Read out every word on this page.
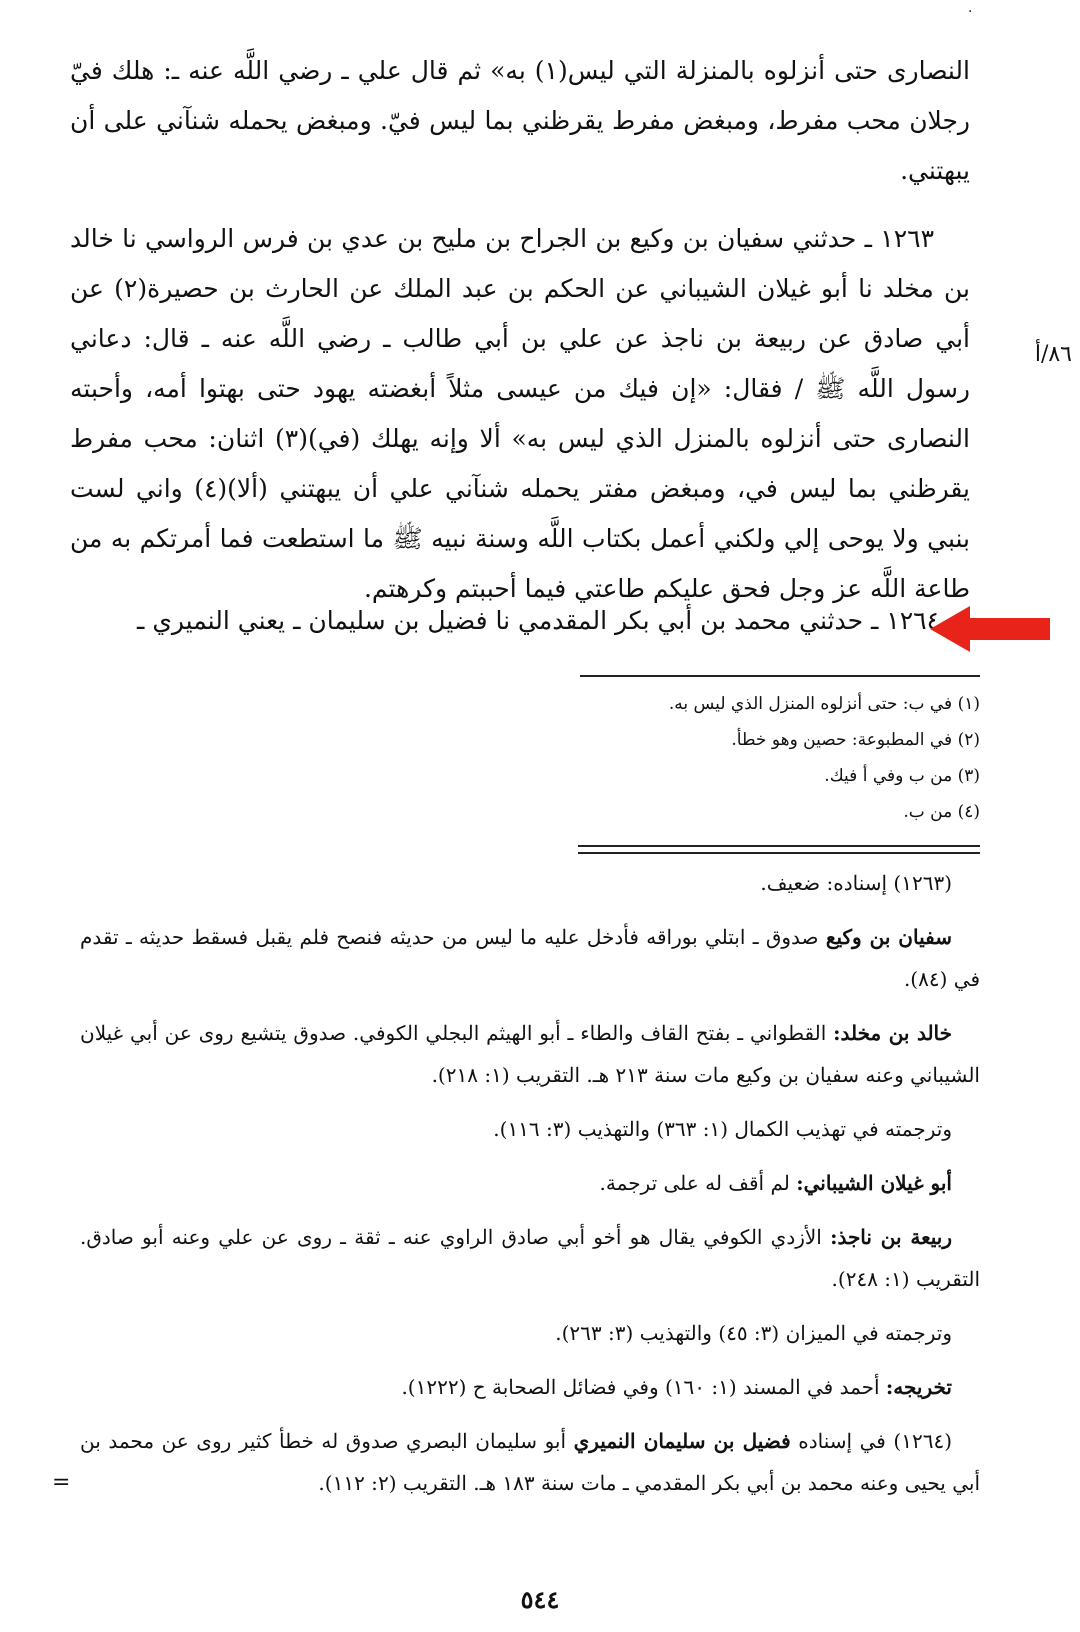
·

النصارى حتى أنزلوه بالمنزلة التي ليس(١) به» ثم قال علي ـ رضي اللَّه عنه ـ: هلك فيّ رجلان محب مفرط، ومبغض مفرط يقرظني بما ليس فيّ. ومبغض يحمله شنآني على أن يبهتني.

١٢٦٣ ـ حدثني سفيان بن وكيع بن الجراح بن مليح بن عدي بن فرس الرواسي نا خالد بن مخلد نا أبو غيلان الشيباني عن الحكم بن عبد الملك عن الحارث بن حصيرة(٢) عن أبي صادق عن ربيعة بن ناجذ عن علي بن أبي طالب ـ رضي اللَّه عنه ـ قال: دعاني رسول اللَّه ﷺ / فقال: «إن فيك من عيسى مثلاً أبغضته يهود حتى بهتوا أمه، وأحبته النصارى حتى أنزلوه بالمنزل الذي ليس به» ألا وإنه يهلك (في)(٣) اثنان: محب مفرط يقرظني بما ليس في، ومبغض مفتر يحمله شنآني علي أن يبهتني (ألا)(٤) واني لست بنبي ولا يوحى إلي ولكني أعمل بكتاب اللَّه وسنة نبيه ﷺ ما استطعت فما أمرتكم به من طاعة اللَّه عز وجل فحق عليكم طاعتي فيما أحببتم وكرهتم.

٨٦/أ
١٢٦٤ ـ حدثني محمد بن أبي بكر المقدمي نا فضيل بن سليمان ـ يعني النميري ـ

(١) في ب: حتى أنزلوه المنزل الذي ليس به.

(٢) في المطبوعة: حصين وهو خطأ.

(٣) من ب وفي أ فيك.

(٤) من ب.

(١٢٦٣) إسناده: ضعيف.

سفيان بن وكيع صدوق ـ ابتلي بوراقه فأدخل عليه ما ليس من حديثه فنصح فلم يقبل فسقط حديثه ـ تقدم في (٨٤).

خالد بن مخلد: القطواني ـ بفتح القاف والطاء ـ أبو الهيثم البجلي الكوفي. صدوق يتشيع روى عن أبي غيلان الشيباني وعنه سفيان بن وكيع مات سنة ٢١٣ هـ. التقريب (١: ٢١٨).

وترجمته في تهذيب الكمال (١: ٣٦٣) والتهذيب (٣: ١١٦).

أبو غيلان الشيباني: لم أقف له على ترجمة.

ربيعة بن ناجذ: الأزدي الكوفي يقال هو أخو أبي صادق الراوي عنه ـ ثقة ـ روى عن علي وعنه أبو صادق. التقريب (١: ٢٤٨).

وترجمته في الميزان (٣: ٤٥) والتهذيب (٣: ٢٦٣).

تخريجه: أحمد في المسند (١: ١٦٠) وفي فضائل الصحابة ح (١٢٢٢).

(١٢٦٤) في إسناده فضيل بن سليمان النميري أبو سليمان البصري صدوق له خطأ كثير روى عن محمد بن أبي يحيى وعنه محمد بن أبي بكر المقدمي ـ مات سنة ١٨٣ هـ. التقريب (٢: ١١٢).

=
٥٤٤
